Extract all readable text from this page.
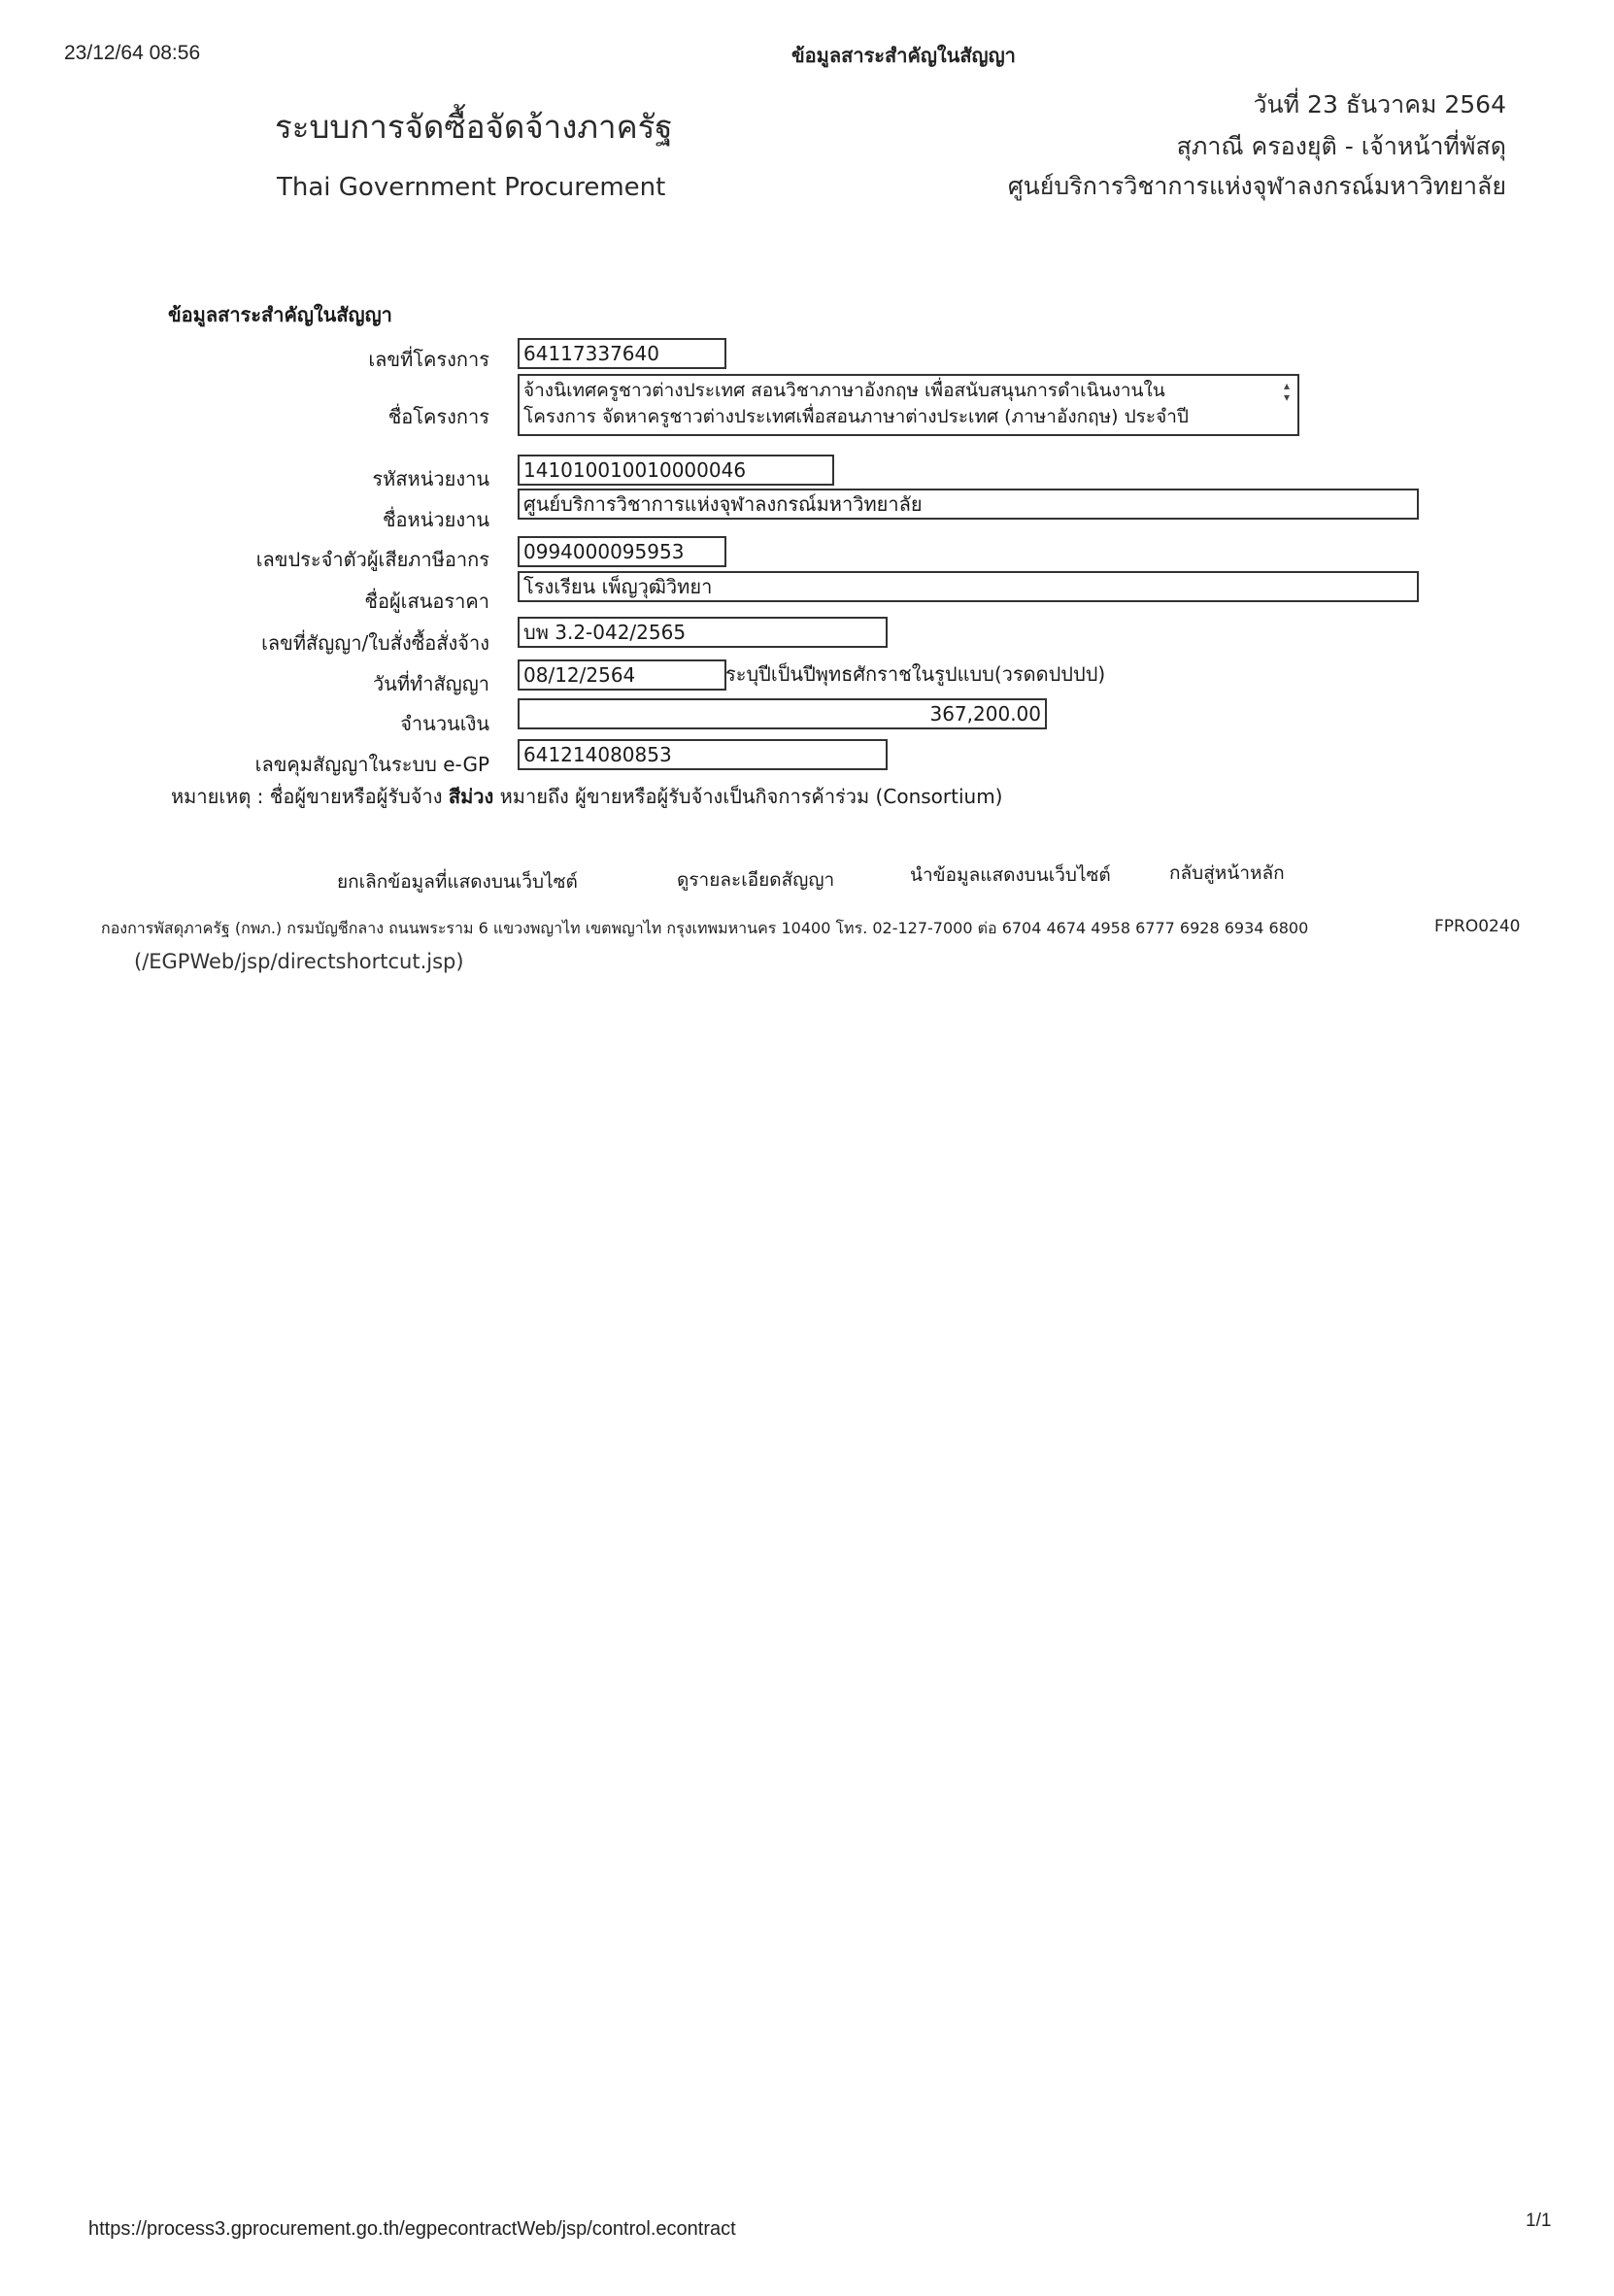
23/12/64 08:56	ข้อมูลสาระสำคัญในสัญญา
ระบบการจัดซื้อจัดจ้างภาครัฐ
Thai Government Procurement
วันที่ 23 ธันวาคม 2564
สุภาณี ครองยุติ - เจ้าหน้าที่พัสดุ
ศูนย์บริการวิชาการแห่งจุฬาลงกรณ์มหาวิทยาลัย
ข้อมูลสาระสำคัญในสัญญา
เลขที่โครงการ	64117337640
ชื่อโครงการ
จ้างนิเทศครูชาวต่างประเทศ สอนวิชาภาษาอังกฤษ เพื่อสนับสนุนการดำเนินงานใน
โครงการ จัดหาครูชาวต่างประเทศเพื่อสอนภาษาต่างประเทศ (ภาษาอังกฤษ) ประจำปี
▴
▾
รหัสหน่วยงาน	141010010010000046
ชื่อหน่วยงาน
ศูนย์บริการวิชาการแห่งจุฬาลงกรณ์มหาวิทยาลัย
เลขประจำตัวผู้เสียภาษีอากร	0994000095953
ชื่อผู้เสนอราคา
โรงเรียน เพ็ญวุฒิวิทยา
เลขที่สัญญา/ใบสั่งซื้อสั่งจ้าง	บพ 3.2-042/2565
วันที่ทำสัญญา	08/12/2564	ระบุปีเป็นปีพุทธศักราชในรูปแบบ(วรดดปปปป)
จำนวนเงิน	367,200.00
เลขคุมสัญญาในระบบ e-GP	641214080853
หมายเหตุ : ชื่อผู้ขายหรือผู้รับจ้าง สีม่วง หมายถึง ผู้ขายหรือผู้รับจ้างเป็นกิจการค้าร่วม (Consortium)
ยกเลิกข้อมูลที่แสดงบนเว็บไซต์	ดูรายละเอียดสัญญา	นำข้อมูลแสดงบนเว็บไซต์	กลับสู่หน้าหลัก
กองการพัสดุภาครัฐ (กพภ.) กรมบัญชีกลาง ถนนพระราม 6 แขวงพญาไท เขตพญาไท กรุงเทพมหานคร 10400 โทร. 02-127-7000 ต่อ 6704 4674 4958 6777 6928 6934 6800	FPRO0240
(/EGPWeb/jsp/directshortcut.jsp)
https://process3.gprocurement.go.th/egpecontractWeb/jsp/control.econtract	1/1
